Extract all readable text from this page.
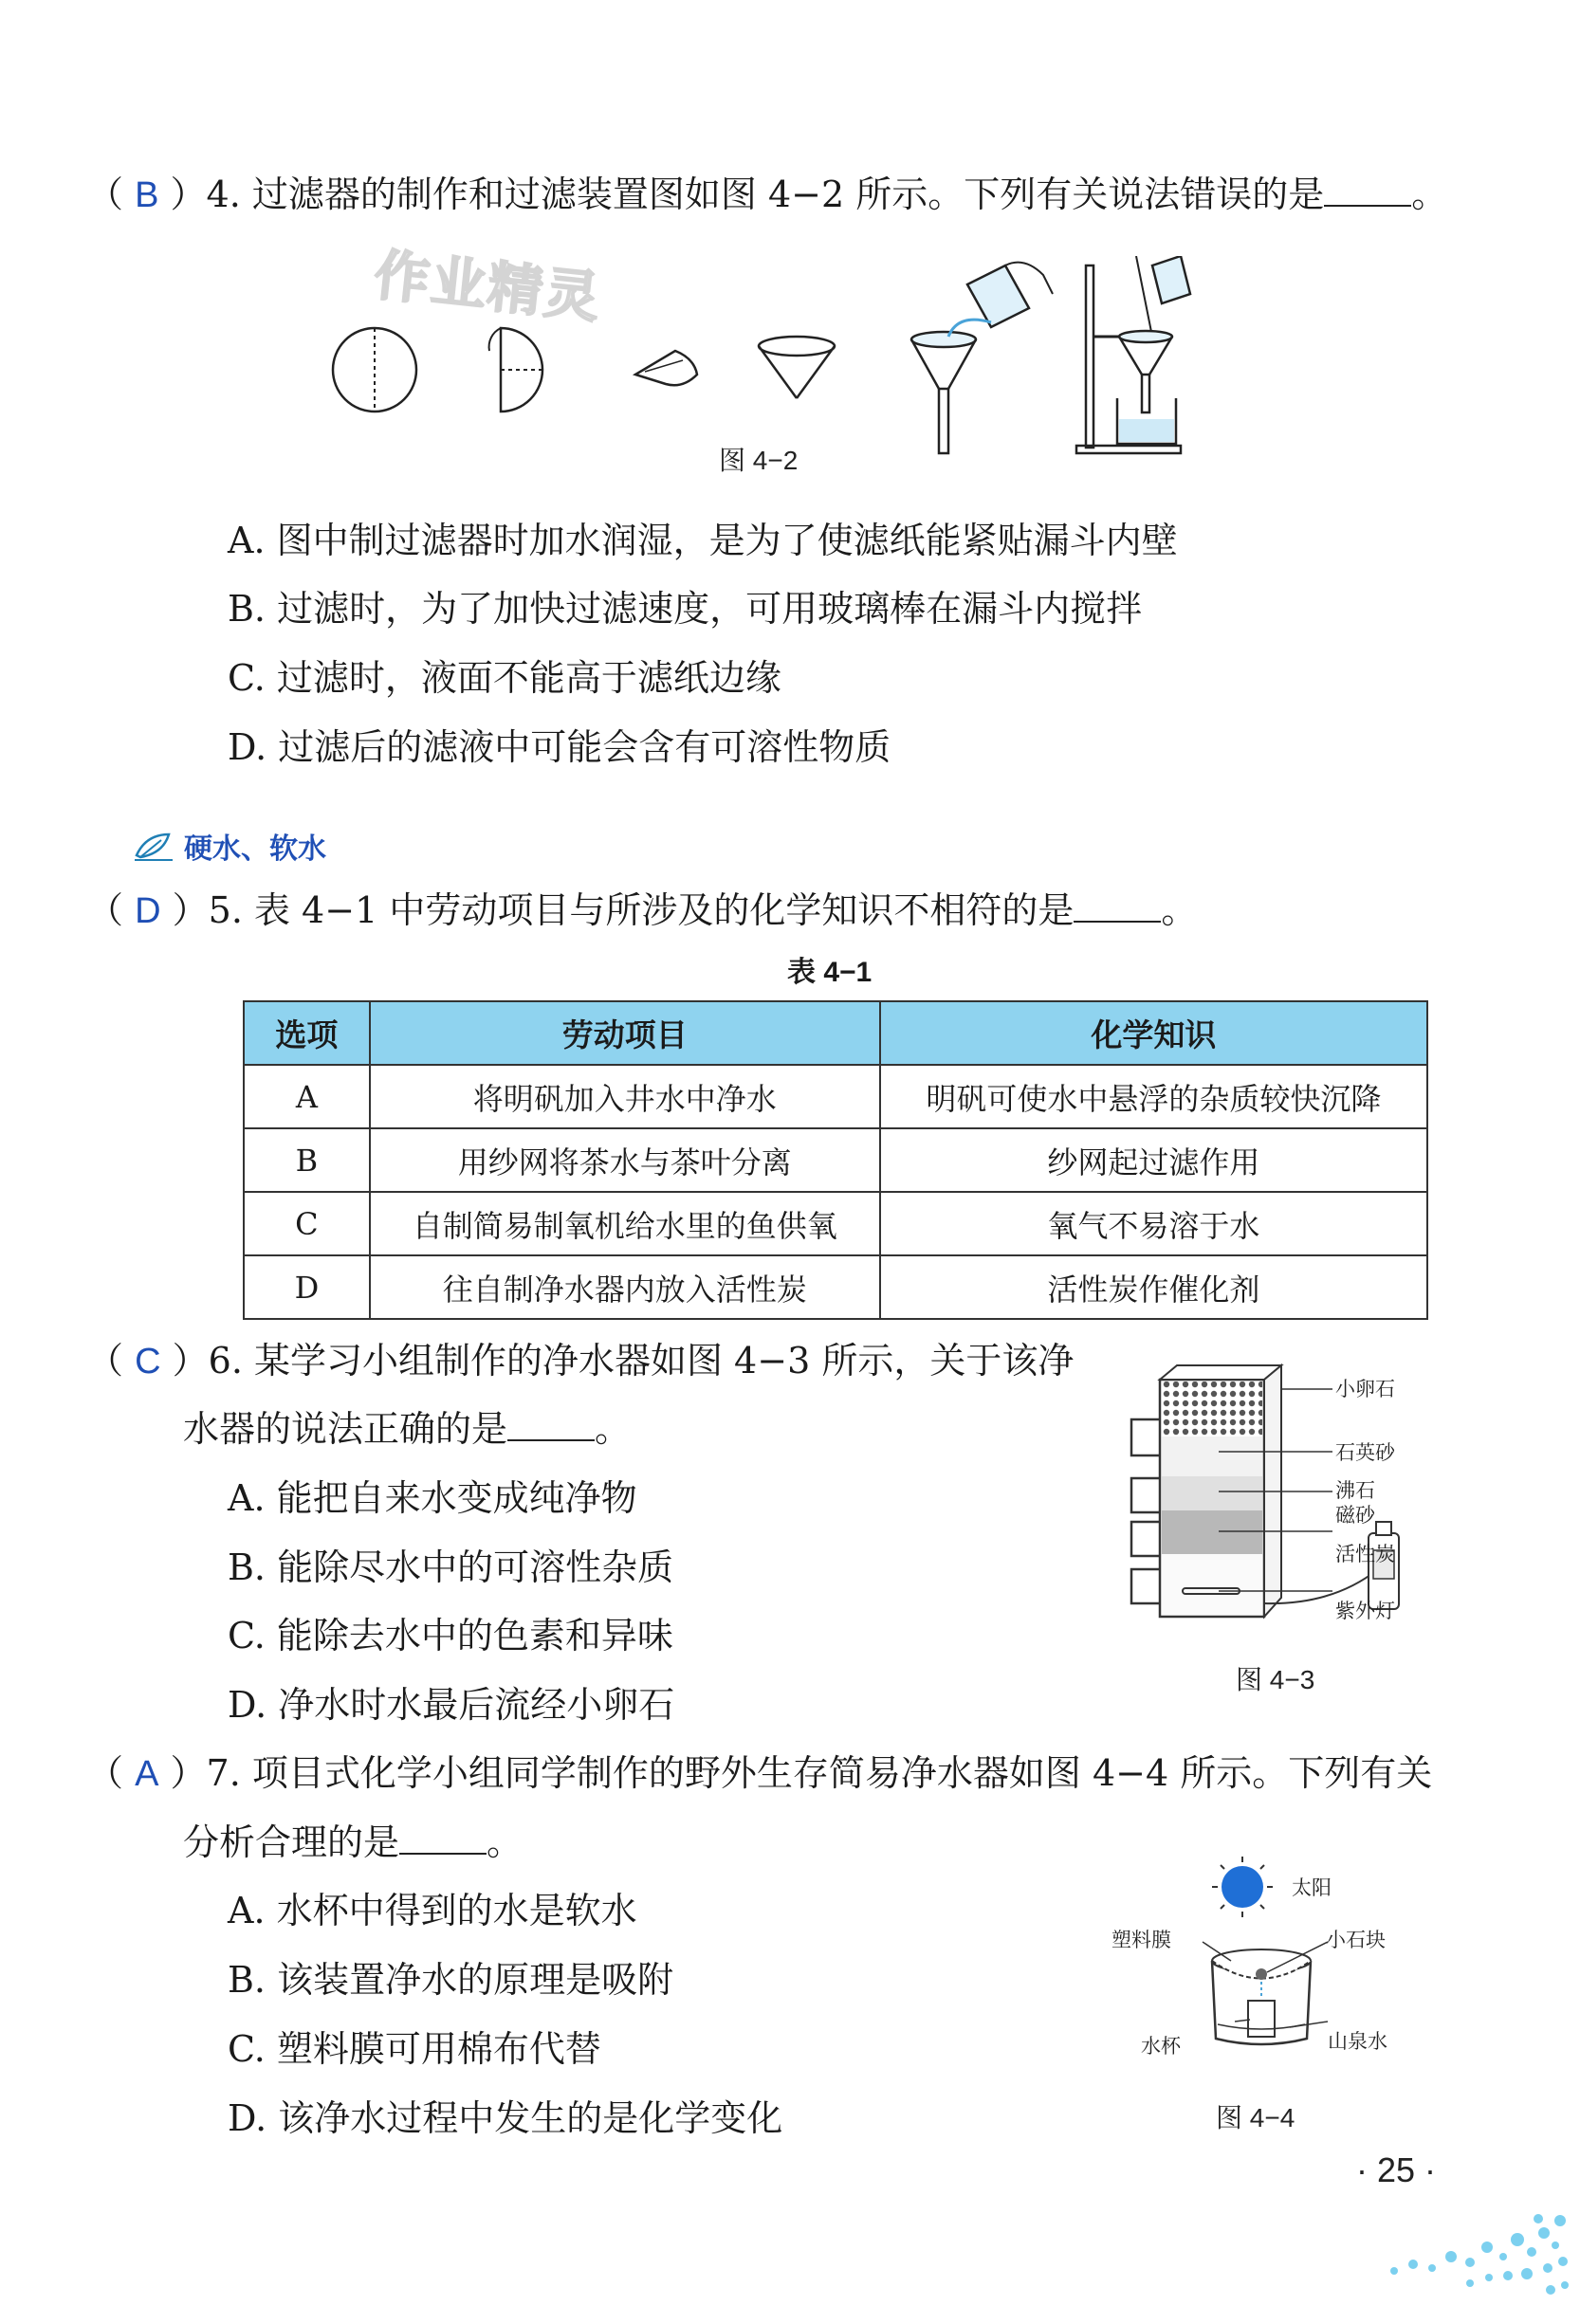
（ B ）4. 过滤器的制作和过滤装置图如图 4−2 所示。下列有关说法错误的是 。
作业精灵
图 4−2
A. 图中制过滤器时加水润湿，是为了使滤纸能紧贴漏斗内壁
B. 过滤时，为了加快过滤速度，可用玻璃棒在漏斗内搅拌
C. 过滤时，液面不能高于滤纸边缘
D. 过滤后的滤液中可能会含有可溶性物质
硬水、软水
（ D ）5. 表 4−1 中劳动项目与所涉及的化学知识不相符的是 。
表 4−1
选项	劳动项目	化学知识
A	将明矾加入井水中净水	明矾可使水中悬浮的杂质较快沉降
B	用纱网将茶水与茶叶分离	纱网起过滤作用
C	自制简易制氧机给水里的鱼供氧	氧气不易溶于水
D	往自制净水器内放入活性炭	活性炭作催化剂
（ C ）6. 某学习小组制作的净水器如图 4−3 所示，关于该净
水器的说法正确的是 。
A. 能把自来水变成纯净物
B. 能除尽水中的可溶性杂质
C. 能除去水中的色素和异味
D. 净水时水最后流经小卵石
小卵石
石英砂
沸石
磁砂
活性炭
紫外灯
图 4−3
（ A ）7. 项目式化学小组同学制作的野外生存简易净水器如图 4−4 所示。下列有关
分析合理的是 。
A. 水杯中得到的水是软水
B. 该装置净水的原理是吸附
C. 塑料膜可用棉布代替
D. 该净水过程中发生的是化学变化
太阳
塑料膜	小石块
水杯	山泉水
图 4−4
· 25 ·
